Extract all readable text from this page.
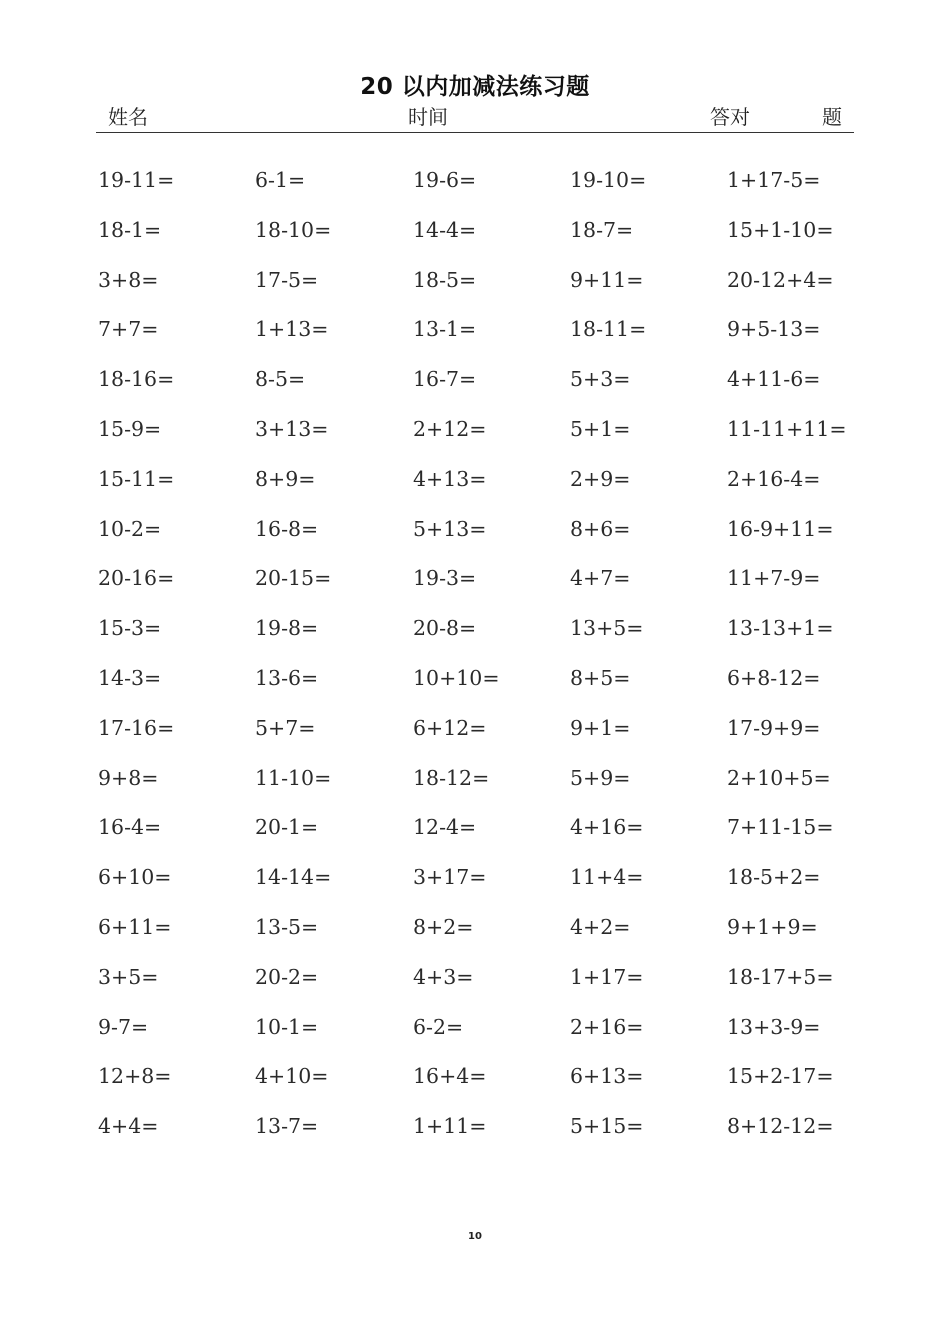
20 以内加减法练习题
姓名	时间	答对	题
19-11=	6-1=	19-6=	19-10=	1+17-5=
18-1=	18-10=	14-4=	18-7=	15+1-10=
3+8=	17-5=	18-5=	9+11=	20-12+4=
7+7=	1+13=	13-1=	18-11=	9+5-13=
18-16=	8-5=	16-7=	5+3=	4+11-6=
15-9=	3+13=	2+12=	5+1=	11-11+11=
15-11=	8+9=	4+13=	2+9=	2+16-4=
10-2=	16-8=	5+13=	8+6=	16-9+11=
20-16=	20-15=	19-3=	4+7=	11+7-9=
15-3=	19-8=	20-8=	13+5=	13-13+1=
14-3=	13-6=	10+10=	8+5=	6+8-12=
17-16=	5+7=	6+12=	9+1=	17-9+9=
9+8=	11-10=	18-12=	5+9=	2+10+5=
16-4=	20-1=	12-4=	4+16=	7+11-15=
6+10=	14-14=	3+17=	11+4=	18-5+2=
6+11=	13-5=	8+2=	4+2=	9+1+9=
3+5=	20-2=	4+3=	1+17=	18-17+5=
9-7=	10-1=	6-2=	2+16=	13+3-9=
12+8=	4+10=	16+4=	6+13=	15+2-17=
4+4=	13-7=	1+11=	5+15=	8+12-12=
10
